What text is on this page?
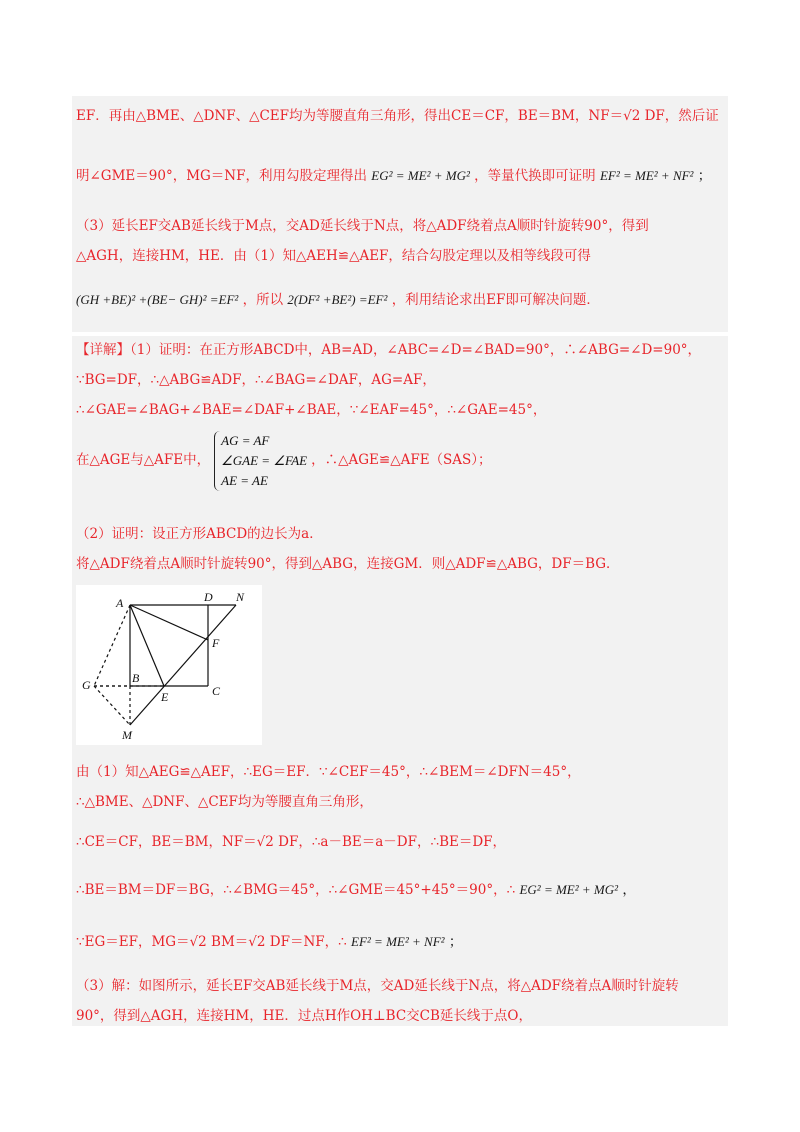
EF．再由△BME、△DNF、△CEF均为等腰直角三角形，得出CE＝CF，BE＝BM，NF＝√2 DF，然后证
明∠GME＝90°，MG＝NF，利用勾股定理得出 EG² = ME² + MG² ，等量代换即可证明 EF² = ME² + NF² ；
（3）延长EF交AB延长线于M点，交AD延长线于N点，将△ADF绕着点A顺时针旋转90°，得到
△AGH，连接HM，HE．由（1）知△AEH≌△AEF，结合勾股定理以及相等线段可得
(GH +BE)² +(BE− GH)² =EF² ，所以 2(DF² +BE²) =EF² ，利用结论求出EF即可解决问题．
【详解】（1）证明：在正方形ABCD中，AB=AD，∠ABC=∠D=∠BAD=90°，∴∠ABG=∠D=90°，
∵BG=DF，∴△ABG≌ADF，∴∠BAG=∠DAF，AG=AF，
∴∠GAE=∠BAG+∠BAE=∠DAF+∠BAE，∵∠EAF=45°，∴∠GAE=45°，
在△AGE与△AFE中，
AG = AF
∠GAE = ∠FAE
AE = AE
，∴△AGE≌△AFE（SAS）；
（2）证明：设正方形ABCD的边长为a．
将△ADF绕着点A顺时针旋转90°，得到△ABG，连接GM．则△ADF≌△ABG，DF＝BG．
A	D N
F
G	B
E	C
M
由（1）知△AEG≌△AEF，∴EG＝EF．∵∠CEF＝45°，∴∠BEM＝∠DFN＝45°，
∴△BME、△DNF、△CEF均为等腰直角三角形，
∴CE＝CF，BE＝BM，NF＝√2 DF，∴a－BE＝a－DF，∴BE＝DF，
∴BE＝BM＝DF＝BG，∴∠BMG＝45°，∴∠GME＝45°+45°＝90°，∴ EG² = ME² + MG² ，
∵EG＝EF，MG＝√2 BM＝√2 DF＝NF，∴ EF² = ME² + NF² ；
（3）解：如图所示，延长EF交AB延长线于M点，交AD延长线于N点，将△ADF绕着点A顺时针旋转
90°，得到△AGH，连接HM，HE．过点H作OH⊥BC交CB延长线于点O，
